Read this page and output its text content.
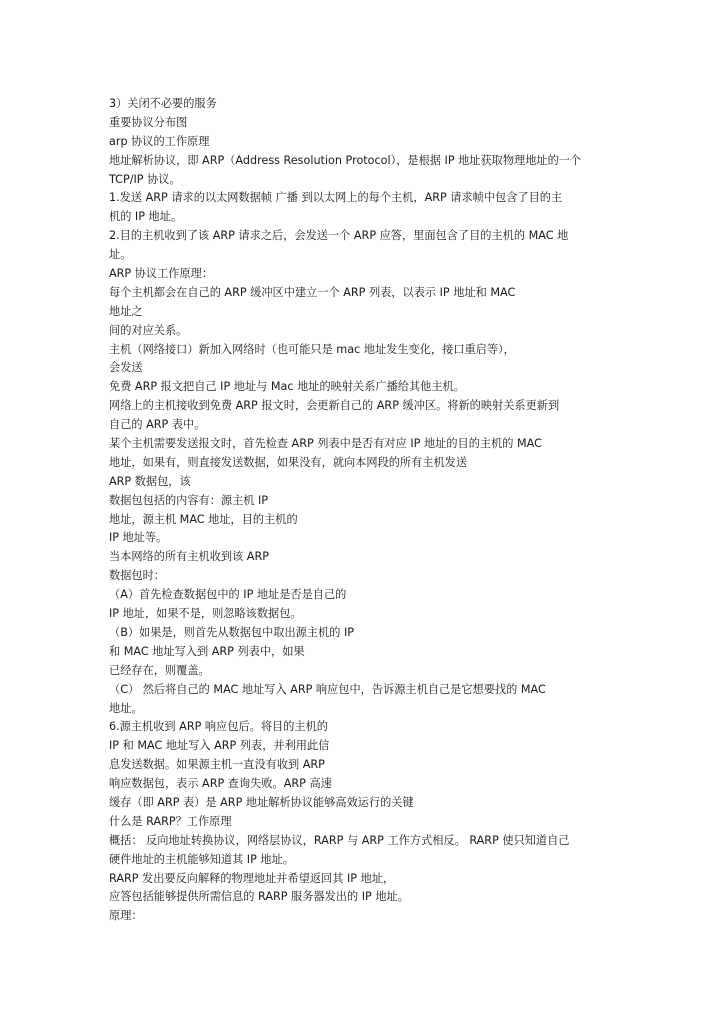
3）关闭不必要的服务
重要协议分布图
arp 协议的工作原理
地址解析协议，即 ARP（Address Resolution Protocol），是根据 IP 地址获取物理地址的一个
TCP/IP 协议。
1.发送 ARP 请求的以太网数据帧 广播 到以太网上的每个主机，ARP 请求帧中包含了目的主
机的 IP 地址。
2.目的主机收到了该 ARP 请求之后，会发送一个 ARP 应答，里面包含了目的主机的 MAC 地
址。
ARP 协议工作原理：
每个主机都会在自己的 ARP 缓冲区中建立一个 ARP 列表，以表示 IP 地址和 MAC
地址之
间的对应关系。
主机（网络接口）新加入网络时（也可能只是 mac 地址发生变化，接口重启等），
会发送
免费 ARP 报文把自己 IP 地址与 Mac 地址的映射关系广播给其他主机。
网络上的主机接收到免费 ARP 报文时，会更新自己的 ARP 缓冲区。将新的映射关系更新到
自己的 ARP 表中。
某个主机需要发送报文时，首先检查 ARP 列表中是否有对应 IP 地址的目的主机的 MAC
地址，如果有，则直接发送数据，如果没有，就向本网段的所有主机发送
ARP 数据包，该
数据包包括的内容有：源主机 IP
地址，源主机 MAC 地址，目的主机的
IP 地址等。
当本网络的所有主机收到该 ARP
数据包时：
（A）首先检查数据包中的 IP 地址是否是自己的
IP 地址，如果不是，则忽略该数据包。
（B）如果是，则首先从数据包中取出源主机的 IP
和 MAC 地址写入到 ARP 列表中，如果
已经存在，则覆盖。
（C） 然后将自己的 MAC 地址写入 ARP 响应包中，告诉源主机自己是它想要找的 MAC
地址。
6.源主机收到 ARP 响应包后。将目的主机的
IP 和 MAC 地址写入 ARP 列表，并利用此信
息发送数据。如果源主机一直没有收到 ARP
响应数据包，表示 ARP 查询失败。ARP 高速
缓存（即 ARP 表）是 ARP 地址解析协议能够高效运行的关键
什么是 RARP？工作原理
概括： 反向地址转换协议，网络层协议，RARP 与 ARP 工作方式相反。 RARP 使只知道自己
硬件地址的主机能够知道其 IP 地址。
RARP 发出要反向解释的物理地址并希望返回其 IP 地址，
应答包括能够提供所需信息的 RARP 服务器发出的 IP 地址。
原理：
